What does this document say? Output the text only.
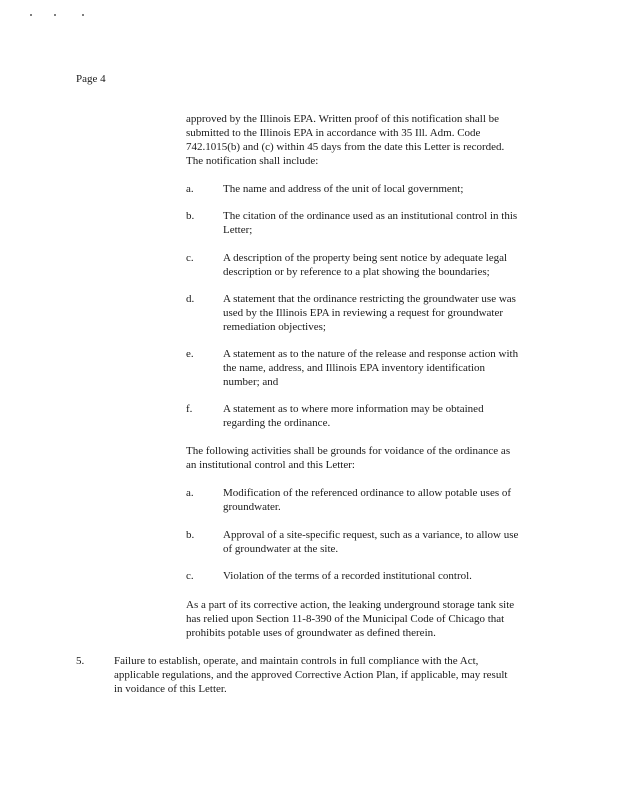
Page 4
approved by the Illinois EPA. Written proof of this notification shall be
submitted to the Illinois EPA in accordance with 35 Ill. Adm. Code
742.1015(b) and (c) within 45 days from the date this Letter is recorded.
The notification shall include:
a.	The name and address of the unit of local government;
b.	The citation of the ordinance used as an institutional control in this
Letter;
c.	A description of the property being sent notice by adequate legal
description or by reference to a plat showing the boundaries;
d.	A statement that the ordinance restricting the groundwater use was
used by the Illinois EPA in reviewing a request for groundwater
remediation objectives;
e.	A statement as to the nature of the release and response action with
the name, address, and Illinois EPA inventory identification
number; and
f.	A statement as to where more information may be obtained
regarding the ordinance.
The following activities shall be grounds for voidance of the ordinance as
an institutional control and this Letter:
a.	Modification of the referenced ordinance to allow potable uses of
groundwater.
b.	Approval of a site-specific request, such as a variance, to allow use
of groundwater at the site.
c.	Violation of the terms of a recorded institutional control.
As a part of its corrective action, the leaking underground storage tank site
has relied upon Section 11-8-390 of the Municipal Code of Chicago that
prohibits potable uses of groundwater as defined therein.
5.	Failure to establish, operate, and maintain controls in full compliance with the Act,
applicable regulations, and the approved Corrective Action Plan, if applicable, may result
in voidance of this Letter.
